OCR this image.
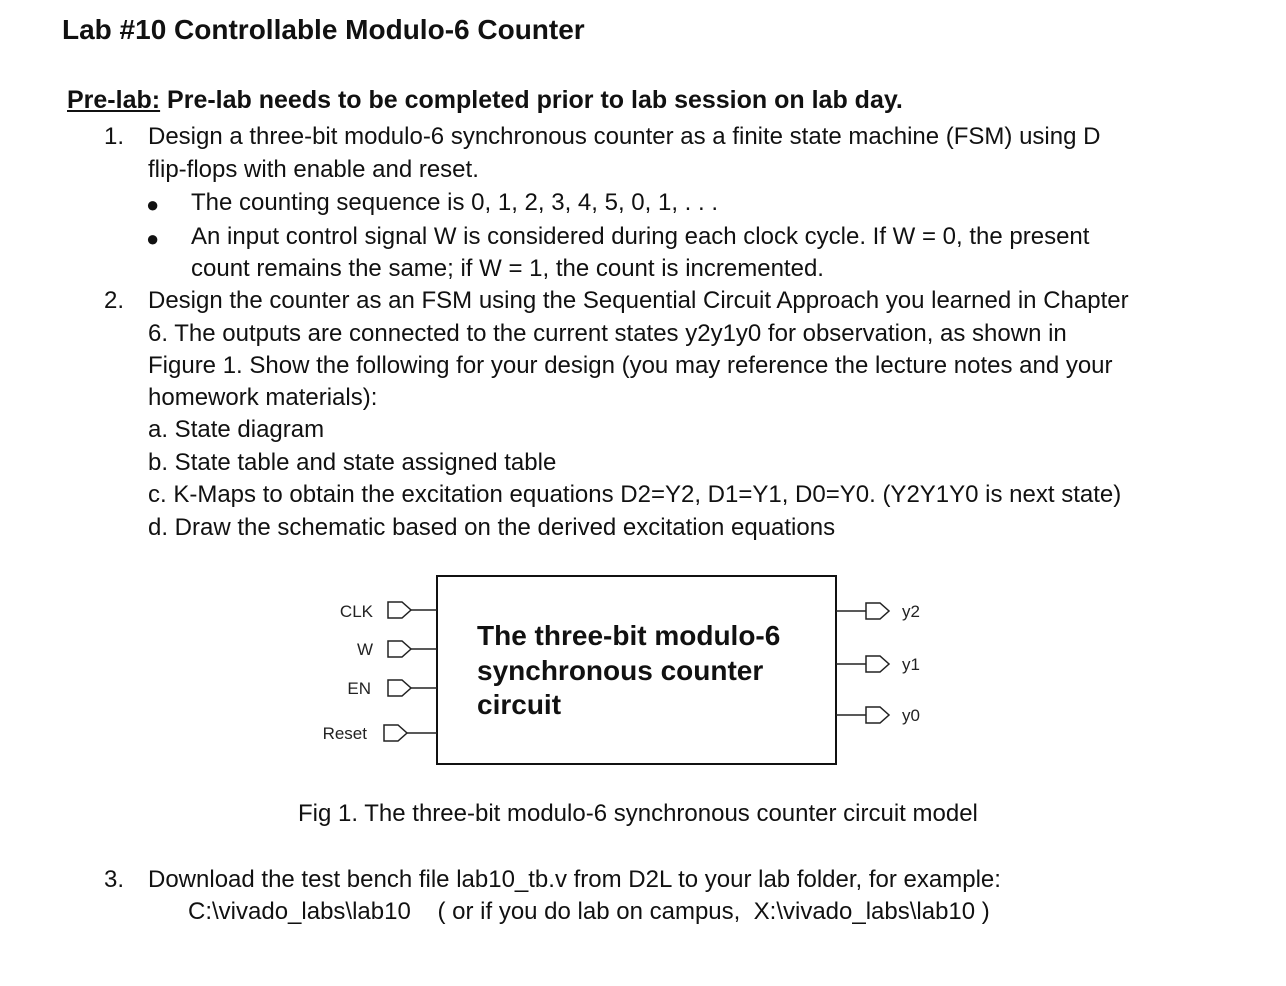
Lab #10 Controllable Modulo-6 Counter
Pre-lab: Pre-lab needs to be completed prior to lab session on lab day.
1. Design a three-bit modulo-6 synchronous counter as a finite state machine (FSM) using D
flip-flops with enable and reset.
● The counting sequence is 0, 1, 2, 3, 4, 5, 0, 1, . . .
● An input control signal W is considered during each clock cycle. If W = 0, the present
count remains the same; if W = 1, the count is incremented.
2. Design the counter as an FSM using the Sequential Circuit Approach you learned in Chapter
6. The outputs are connected to the current states y2y1y0 for observation, as shown in
Figure 1. Show the following for your design (you may reference the lecture notes and your
homework materials):
a. State diagram
b. State table and state assigned table
c. K-Maps to obtain the excitation equations D2=Y2, D1=Y1, D0=Y0. (Y2Y1Y0 is next state)
d. Draw the schematic based on the derived excitation equations
The three-bit modulo-6
synchronous counter
circuit
CLK
W
EN
Reset
y2
y1
y0
Fig 1. The three-bit modulo-6 synchronous counter circuit model
3. Download the test bench file lab10_tb.v from D2L to your lab folder, for example:
C:\vivado_labs\lab10    ( or if you do lab on campus,  X:\vivado_labs\lab10 )
